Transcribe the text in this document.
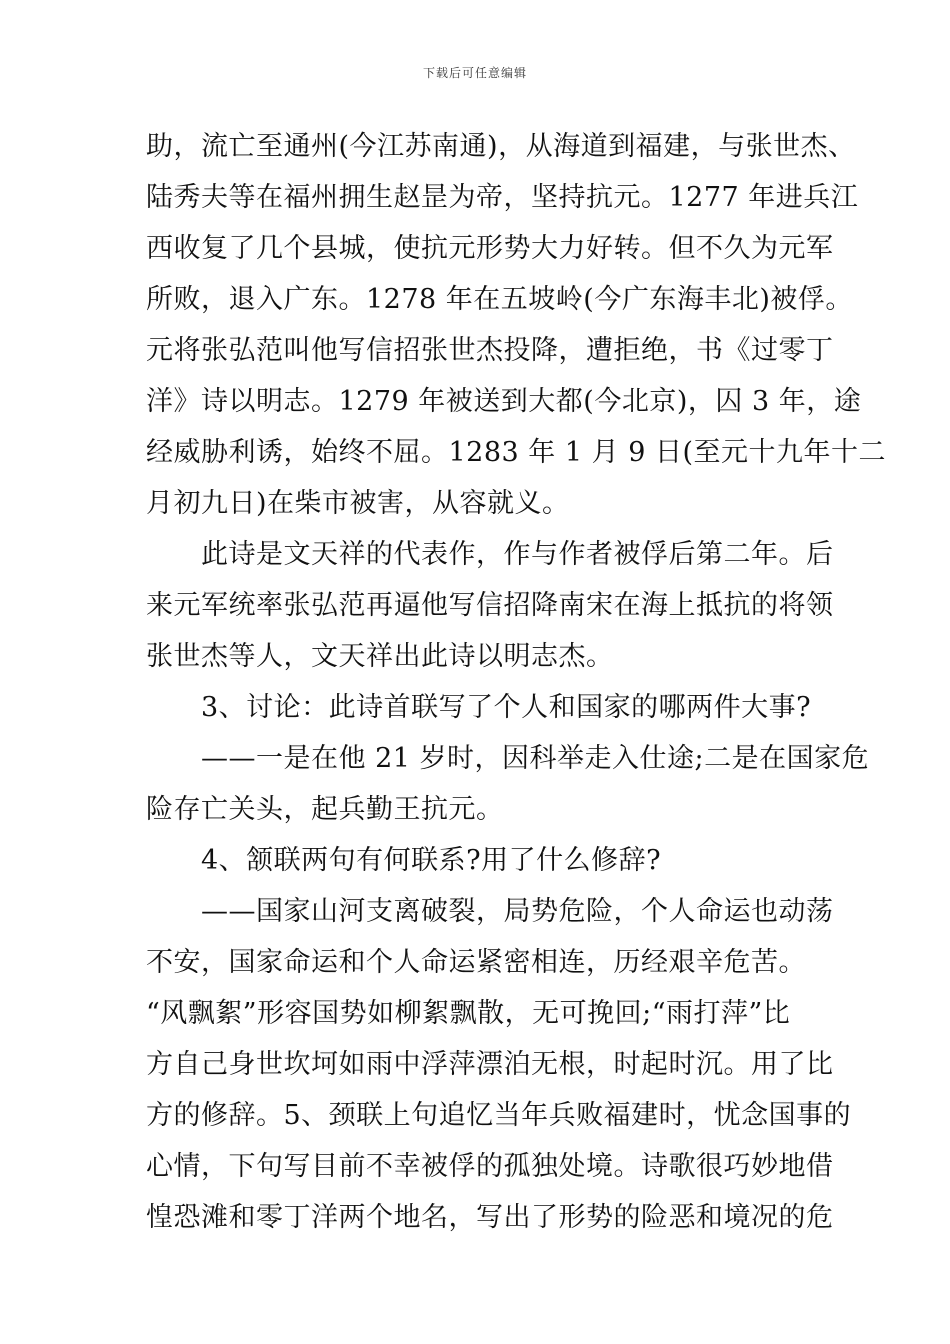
下载后可任意编辑
助，流亡至通州(今江苏南通)，从海道到福建，与张世杰、
陆秀夫等在福州拥生赵昰为帝，坚持抗元。1277 年进兵江
西收复了几个县城，使抗元形势大力好转。但不久为元军
所败，退入广东。1278 年在五坡岭(今广东海丰北)被俘。
元将张弘范叫他写信招张世杰投降，遭拒绝，书《过零丁
洋》诗以明志。1279 年被送到大都(今北京)，囚 3 年，途
经威胁利诱，始终不屈。1283 年 1 月 9 日(至元十九年十二
月初九日)在柴市被害，从容就义。
　　此诗是文天祥的代表作，作与作者被俘后第二年。后
来元军统率张弘范再逼他写信招降南宋在海上抵抗的将领
张世杰等人，文天祥出此诗以明志杰。
　　3、讨论：此诗首联写了个人和国家的哪两件大事?
　　——一是在他 21 岁时，因科举走入仕途;二是在国家危
险存亡关头，起兵勤王抗元。
　　4、颔联两句有何联系?用了什么修辞?
　　——国家山河支离破裂，局势危险，个人命运也动荡
不安，国家命运和个人命运紧密相连，历经艰辛危苦。
“风飘絮”形容国势如柳絮飘散，无可挽回;“雨打萍”比
方自己身世坎坷如雨中浮萍漂泊无根，时起时沉。用了比
方的修辞。5、颈联上句追忆当年兵败福建时，忧念国事的
心情，下句写目前不幸被俘的孤独处境。诗歌很巧妙地借
惶恐滩和零丁洋两个地名，写出了形势的险恶和境况的危
